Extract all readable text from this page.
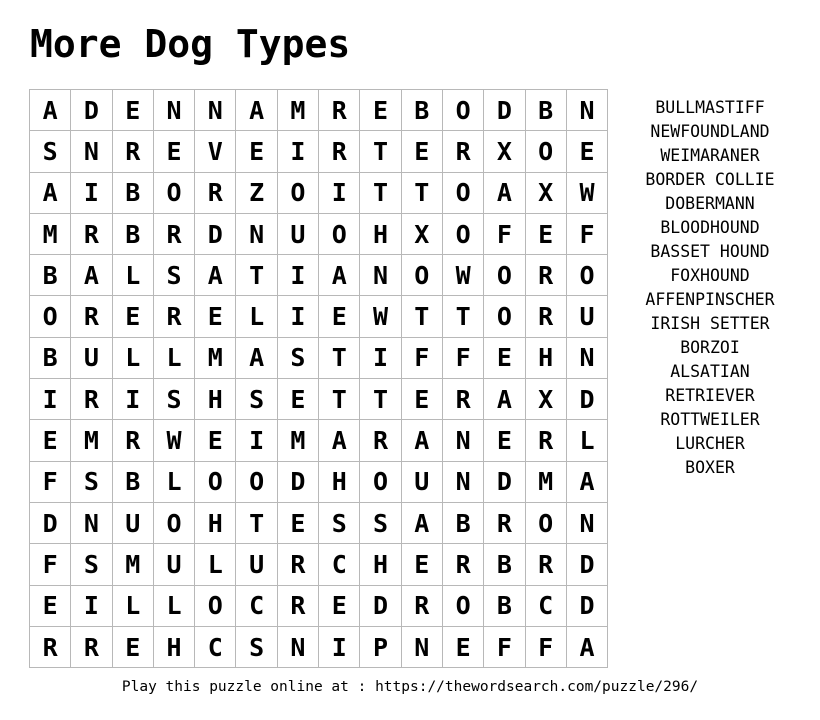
More Dog Types
A	D	E	N	N	A	M	R	E	B	O	D	B	N
S	N	R	E	V	E	I	R	T	E	R	X	O	E
A	I	B	O	R	Z	O	I	T	T	O	A	X	W
M	R	B	R	D	N	U	O	H	X	O	F	E	F
B	A	L	S	A	T	I	A	N	O	W	O	R	O
O	R	E	R	E	L	I	E	W	T	T	O	R	U
B	U	L	L	M	A	S	T	I	F	F	E	H	N
I	R	I	S	H	S	E	T	T	E	R	A	X	D
E	M	R	W	E	I	M	A	R	A	N	E	R	L
F	S	B	L	O	O	D	H	O	U	N	D	M	A
D	N	U	O	H	T	E	S	S	A	B	R	O	N
F	S	M	U	L	U	R	C	H	E	R	B	R	D
E	I	L	L	O	C	R	E	D	R	O	B	C	D
R	R	E	H	C	S	N	I	P	N	E	F	F	A
BULLMASTIFF
NEWFOUNDLAND
WEIMARANER
BORDER COLLIE
DOBERMANN
BLOODHOUND
BASSET HOUND
FOXHOUND
AFFENPINSCHER
IRISH SETTER
BORZOI
ALSATIAN
RETRIEVER
ROTTWEILER
LURCHER
BOXER
Play this puzzle online at : https://thewordsearch.com/puzzle/296/
